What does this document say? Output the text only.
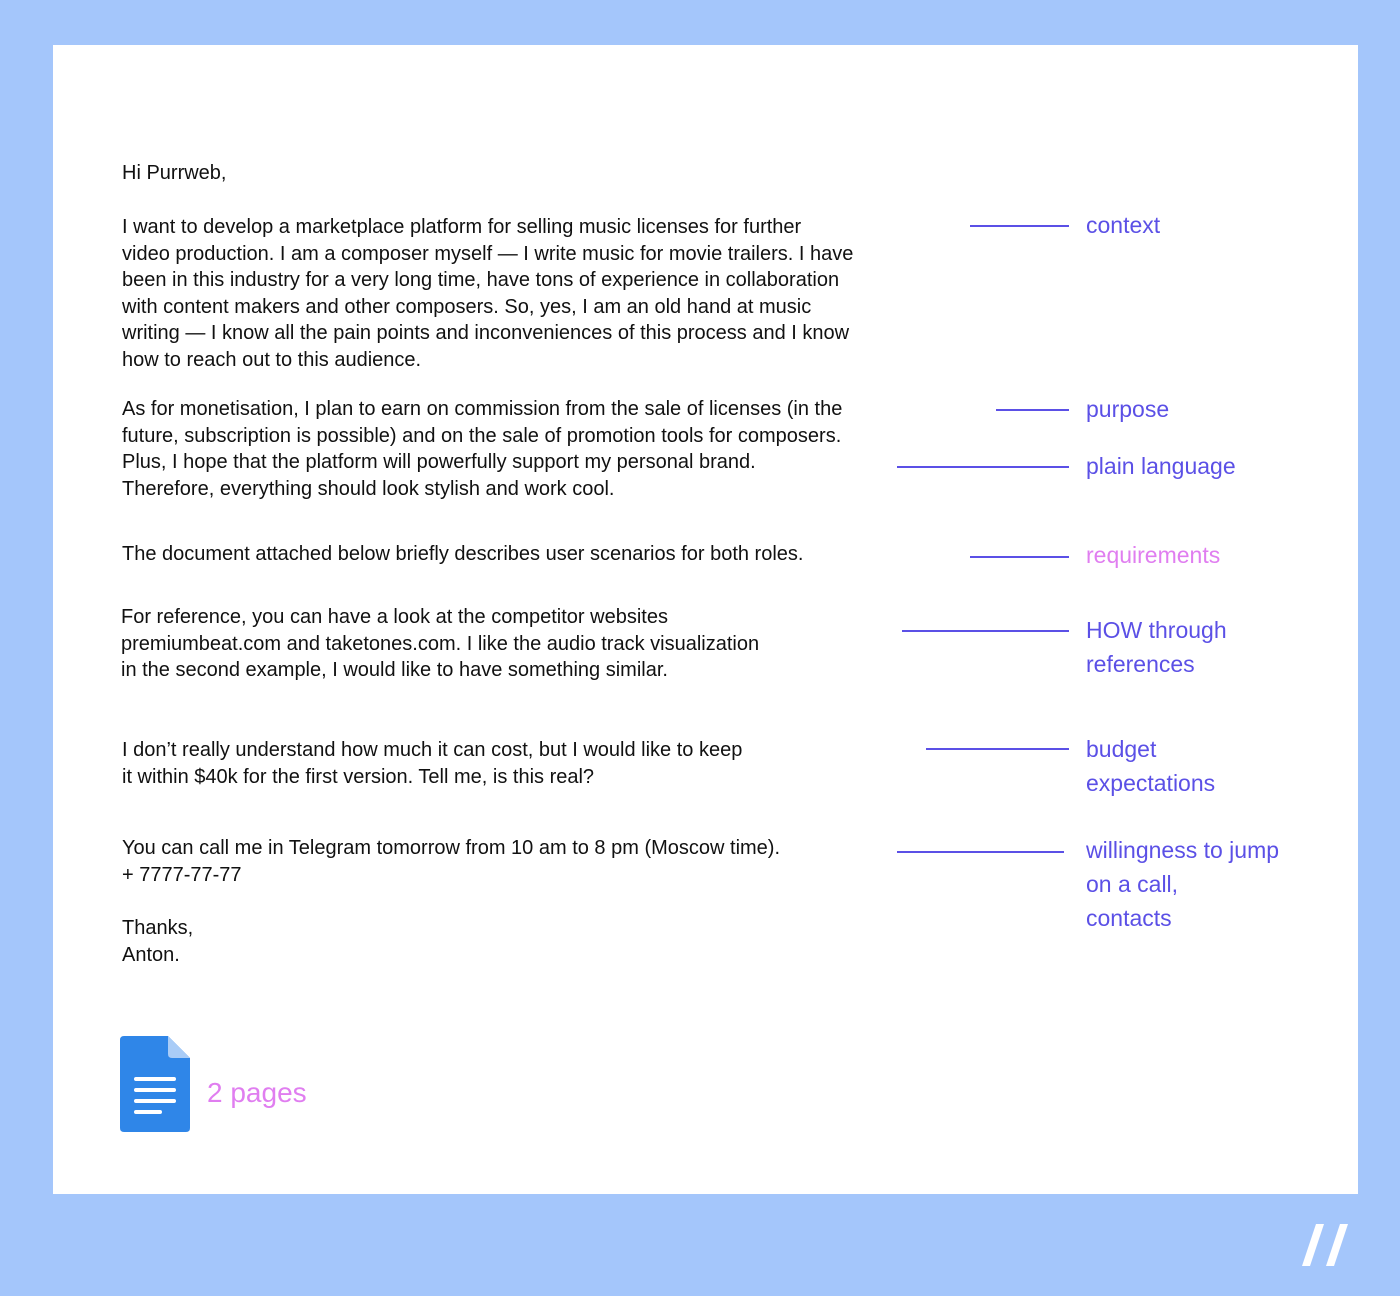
Hi Purrweb,

I want to develop a marketplace platform for selling music licenses for further
video production. I am a composer myself — I write music for movie trailers. I have
been in this industry for a very long time, have tons of experience in collaboration
with content makers and other composers. So, yes, I am an old hand at music
writing — I know all the pain points and inconveniences of this process and I know
how to reach out to this audience.

As for monetisation, I plan to earn on commission from the sale of licenses (in the
future, subscription is possible) and on the sale of promotion tools for composers.
Plus, I hope that the platform will powerfully support my personal brand.
Therefore, everything should look stylish and work cool.

The document attached below briefly describes user scenarios for both roles.

For reference, you can have a look at the competitor websites
premiumbeat.com and taketones.com. I like the audio track visualization
in the second example, I would like to have something similar.

I don’t really understand how much it can cost, but I would like to keep
it within $40k for the first version. Tell me, is this real?

You can call me in Telegram tomorrow from 10 am to 8 pm (Moscow time).
+ 7777-77-77

Thanks,
Anton.

context

purpose

plain language

requirements

HOW through
references

budget
expectations

willingness to jump
on a call,
contacts

2 pages
